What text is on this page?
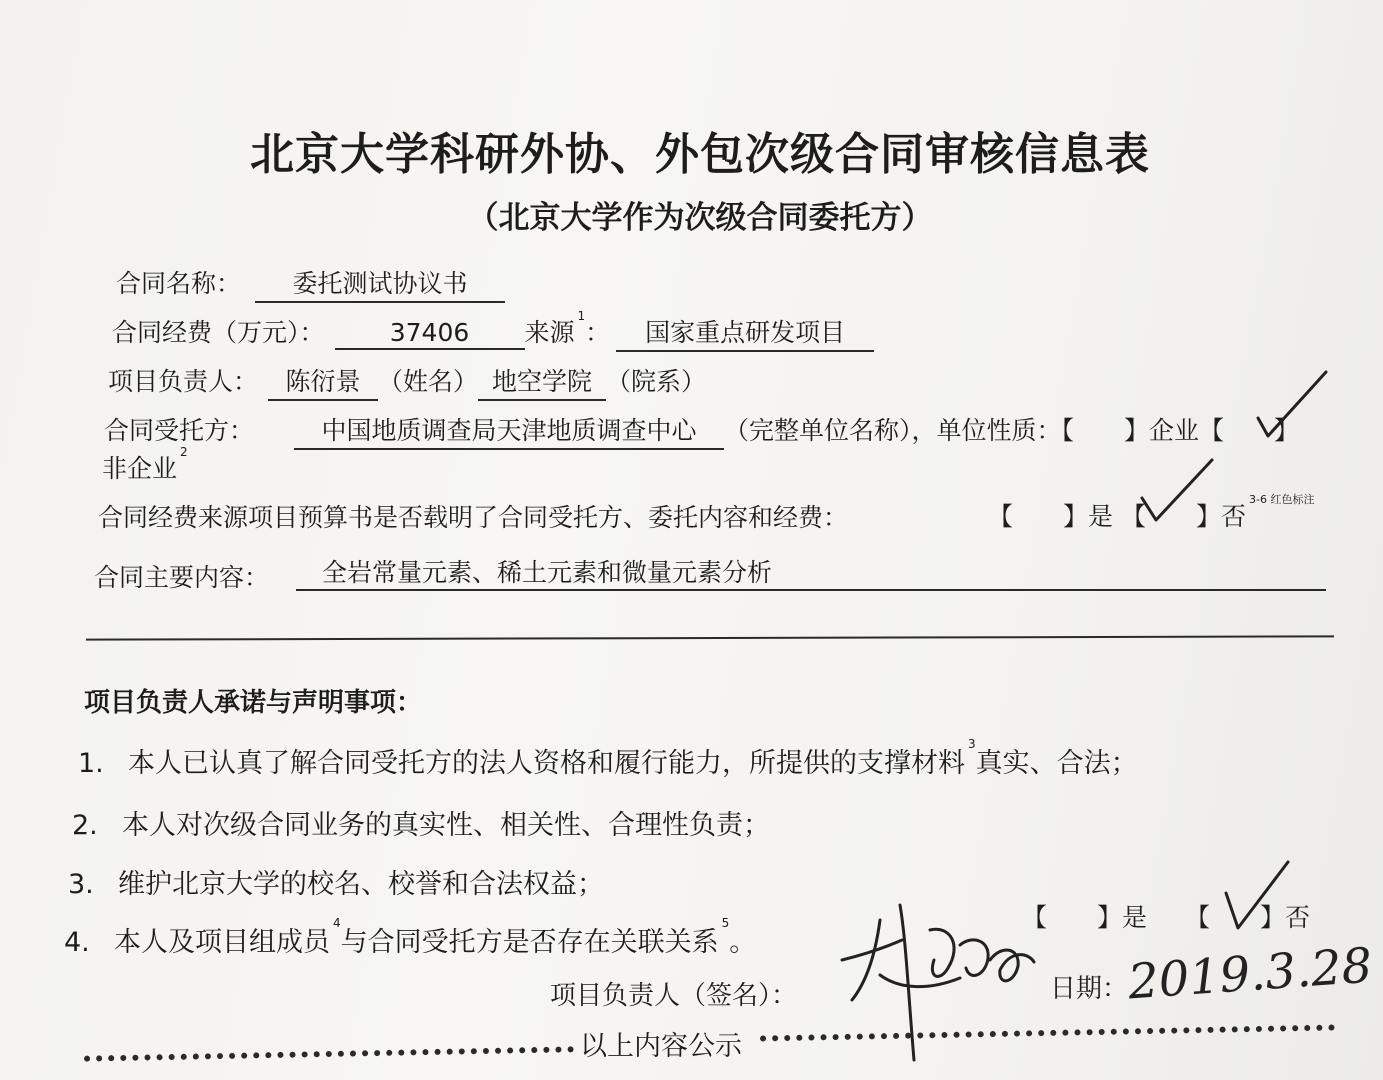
北京大学科研外协、外包次级合同审核信息表
（北京大学作为次级合同委托方）
合同名称： 委托测试协议书
合同经费（万元）：	37406 来源$^1$： 国家重点研发项目
项目负责人： 陈衍景 （姓名） 地空学院 （院系）
合同受托方：	中国地质调查局天津地质调查中心 （完整单位名称），单位性质：【　　】企业【　　】
非企业$^2$
合同经费来源项目预算书是否载明了合同受托方、委托内容和经费：	【　　】是 【　　】否$^{3-6 红色标注}$
合同主要内容：	全岩常量元素、稀土元素和微量元素分析
项目负责人承诺与声明事项：
1. 本人已认真了解合同受托方的法人资格和履行能力，所提供的支撑材料$^3$真实、合法；
2. 本人对次级合同业务的真实性、相关性、合理性负责；
3. 维护北京大学的校名、校誉和合法权益；
4. 本人及项目组成员$^4$与合同受托方是否存在关联关系$^5$。
【　　】是 【　　】否
项目负责人（签名）：	日期：
2019.3.28
以上内容公示
